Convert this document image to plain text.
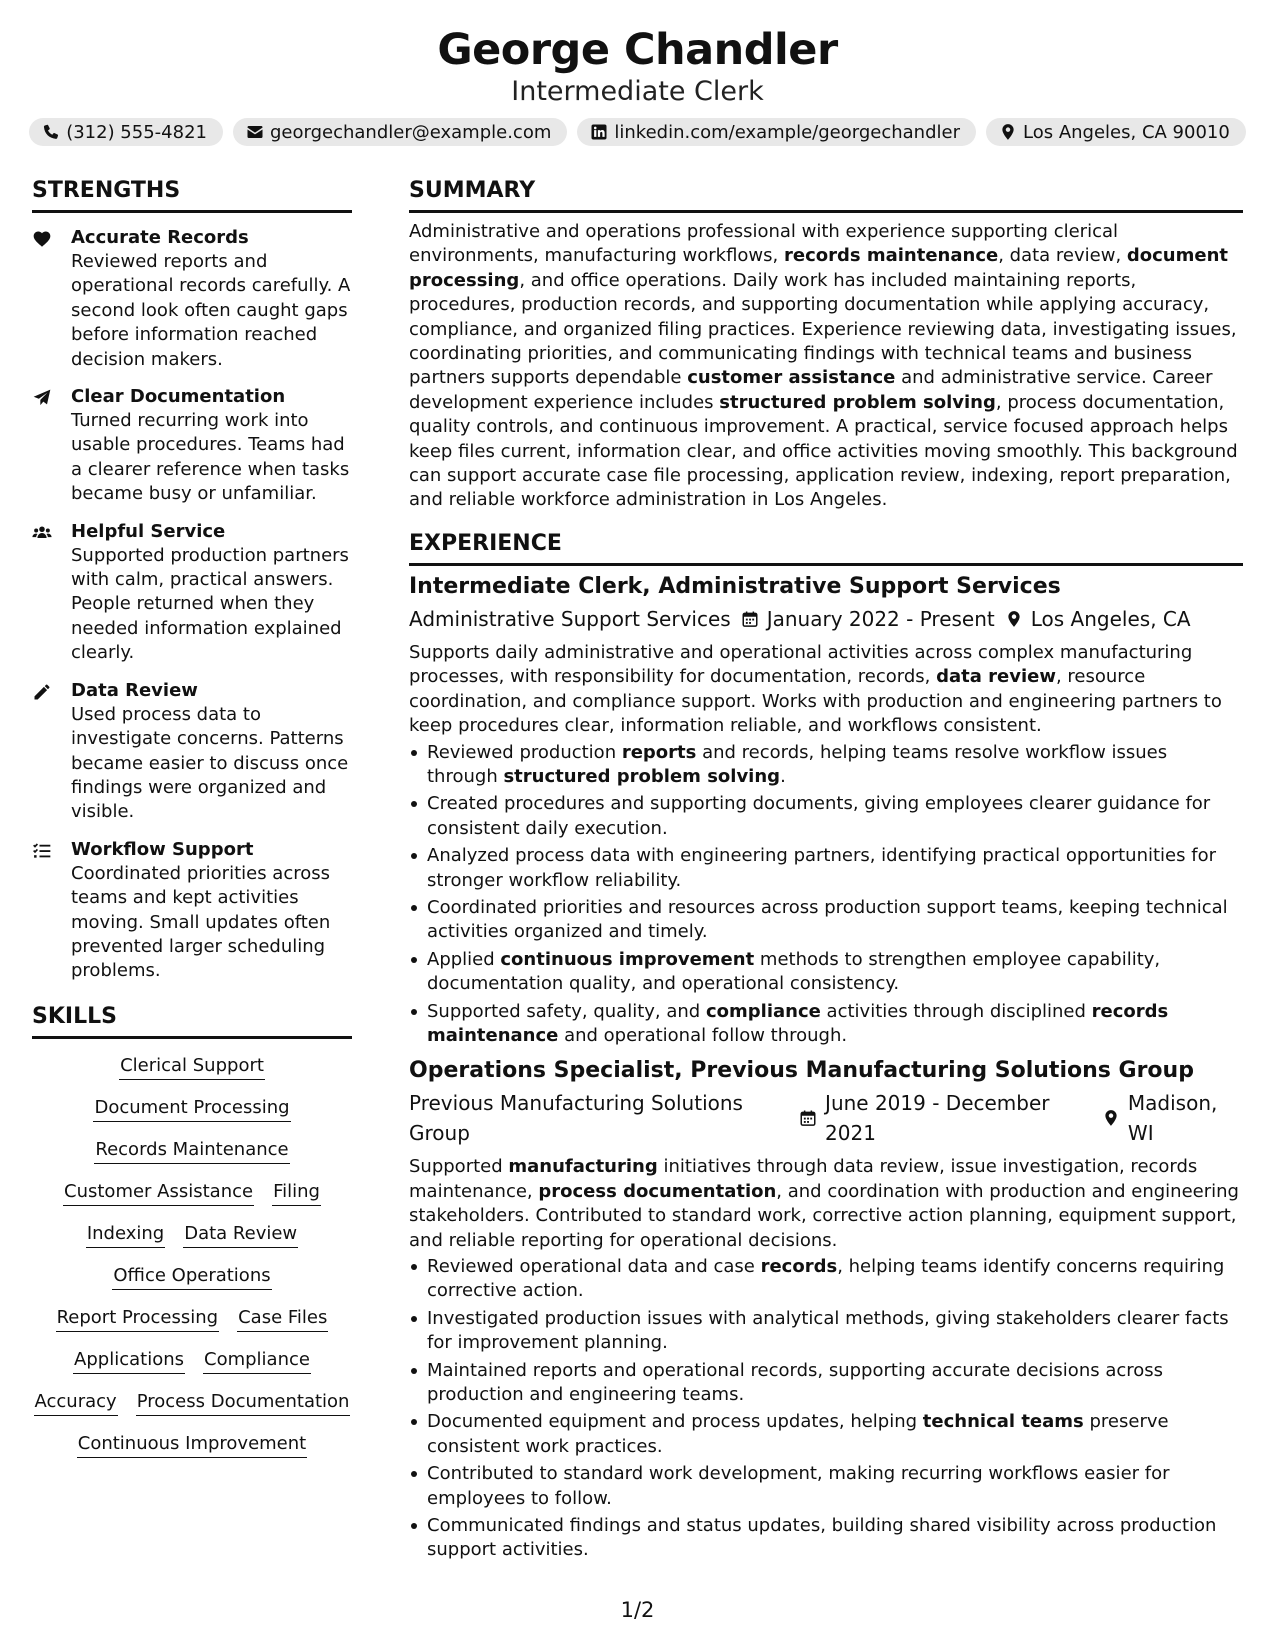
George Chandler
Intermediate Clerk
(312) 555-4821	georgechandler@example.com	linkedin.com/example/georgechandler	Los Angeles, CA 90010
STRENGTHS
Accurate Records
Reviewed reports and operational records carefully. A second look often caught gaps before information reached decision makers.
Clear Documentation
Turned recurring work into usable procedures. Teams had a clearer reference when tasks became busy or unfamiliar.
Helpful Service
Supported production partners with calm, practical answers. People returned when they needed information explained clearly.
Data Review
Used process data to investigate concerns. Patterns became easier to discuss once findings were organized and visible.
Workflow Support
Coordinated priorities across teams and kept activities moving. Small updates often prevented larger scheduling problems.
SKILLS
Clerical Support
Document Processing
Records Maintenance
Customer Assistance Filing
Indexing Data Review
Office Operations
Report Processing Case Files
Applications Compliance
Accuracy Process Documentation
Continuous Improvement
SUMMARY

Administrative and operations professional with experience supporting clerical environments, manufacturing workflows, records maintenance, data review, document processing, and office operations. Daily work has included maintaining reports, procedures, production records, and supporting documentation while applying accuracy, compliance, and organized filing practices. Experience reviewing data, investigating issues, coordinating priorities, and communicating findings with technical teams and business partners supports dependable customer assistance and administrative service. Career development experience includes structured problem solving, process documentation, quality controls, and continuous improvement. A practical, service focused approach helps keep files current, information clear, and office activities moving smoothly. This background can support accurate case file processing, application review, indexing, report preparation, and reliable workforce administration in Los Angeles.

EXPERIENCE
Intermediate Clerk, Administrative Support Services
Administrative Support Services January 2022 - Present Los Angeles, CA

Supports daily administrative and operational activities across complex manufacturing processes, with responsibility for documentation, records, data review, resource coordination, and compliance support. Works with production and engineering partners to keep procedures clear, information reliable, and workflows consistent.

Reviewed production reports and records, helping teams resolve workflow issues through structured problem solving.
Created procedures and supporting documents, giving employees clearer guidance for consistent daily execution.
Analyzed process data with engineering partners, identifying practical opportunities for stronger workflow reliability.
Coordinated priorities and resources across production support teams, keeping technical activities organized and timely.
Applied continuous improvement methods to strengthen employee capability, documentation quality, and operational consistency.
Supported safety, quality, and compliance activities through disciplined records maintenance and operational follow through.
Operations Specialist, Previous Manufacturing Solutions Group
Previous Manufacturing Solutions Group
June 2019 - December 2021
Madison, WI

Supported manufacturing initiatives through data review, issue investigation, records maintenance, process documentation, and coordination with production and engineering stakeholders. Contributed to standard work, corrective action planning, equipment support, and reliable reporting for operational decisions.

Reviewed operational data and case records, helping teams identify concerns requiring corrective action.
Investigated production issues with analytical methods, giving stakeholders clearer facts for improvement planning.
Maintained reports and operational records, supporting accurate decisions across production and engineering teams.
Documented equipment and process updates, helping technical teams preserve consistent work practices.
Contributed to standard work development, making recurring workflows easier for employees to follow.
Communicated findings and status updates, building shared visibility across production support activities.
1/2
